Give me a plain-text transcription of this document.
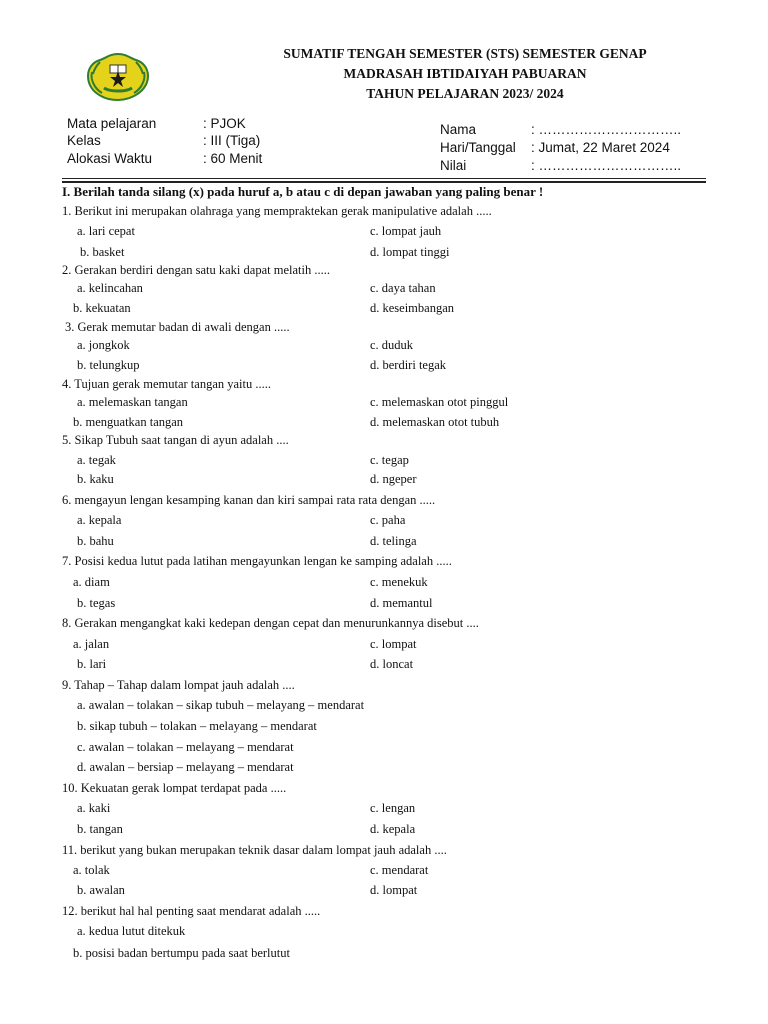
SUMATIF TENGAH SEMESTER (STS) SEMESTER GENAP
MADRASAH IBTIDAIYAH PABUARAN
TAHUN PELAJARAN 2023/ 2024
Mata pelajaran	: PJOK
Kelas	: III (Tiga)
Alokasi Waktu	: 60 Menit
Nama	: …………………………..
Hari/Tanggal : Jumat, 22 Maret 2024
Nilai	: …………………………..
I. Berilah tanda silang (x) pada huruf a, b atau c di depan jawaban yang paling benar !
1. Berikut ini merupakan olahraga yang mempraktekan gerak manipulative adalah .....
a. lari cepat	c. lompat jauh
b. basket	d. lompat tinggi
2. Gerakan berdiri dengan satu kaki dapat melatih .....
a. kelincahan	c. daya tahan
b. kekuatan	d. keseimbangan
3. Gerak memutar badan di awali dengan .....
a. jongkok	c. duduk
b. telungkup	d. berdiri tegak
4. Tujuan gerak memutar tangan yaitu .....
a. melemaskan tangan	c. melemaskan otot pinggul
b. menguatkan tangan	d. melemaskan otot tubuh
5. Sikap Tubuh saat tangan di ayun adalah ....
a. tegak	c. tegap
b. kaku	d. ngeper
6. mengayun lengan kesamping kanan dan kiri sampai rata rata dengan .....
a. kepala	c. paha
b. bahu	d. telinga
7. Posisi kedua lutut pada latihan mengayunkan lengan ke samping adalah .....
a. diam	c. menekuk
b. tegas	d. memantul
8. Gerakan mengangkat kaki kedepan dengan cepat dan menurunkannya disebut ....
a. jalan	c. lompat
b. lari	d. loncat
9. Tahap – Tahap dalam lompat jauh adalah ....
a. awalan – tolakan – sikap tubuh – melayang – mendarat
b. sikap tubuh – tolakan – melayang – mendarat
c. awalan – tolakan – melayang – mendarat
d. awalan – bersiap – melayang – mendarat
10. Kekuatan gerak lompat terdapat pada .....
a. kaki	c. lengan
b. tangan	d. kepala
11. berikut yang bukan merupakan teknik dasar dalam lompat jauh adalah ....
a. tolak	c. mendarat
b. awalan	d. lompat
12. berikut hal hal penting saat mendarat adalah .....
a. kedua lutut ditekuk
b. posisi badan bertumpu pada saat berlutut
